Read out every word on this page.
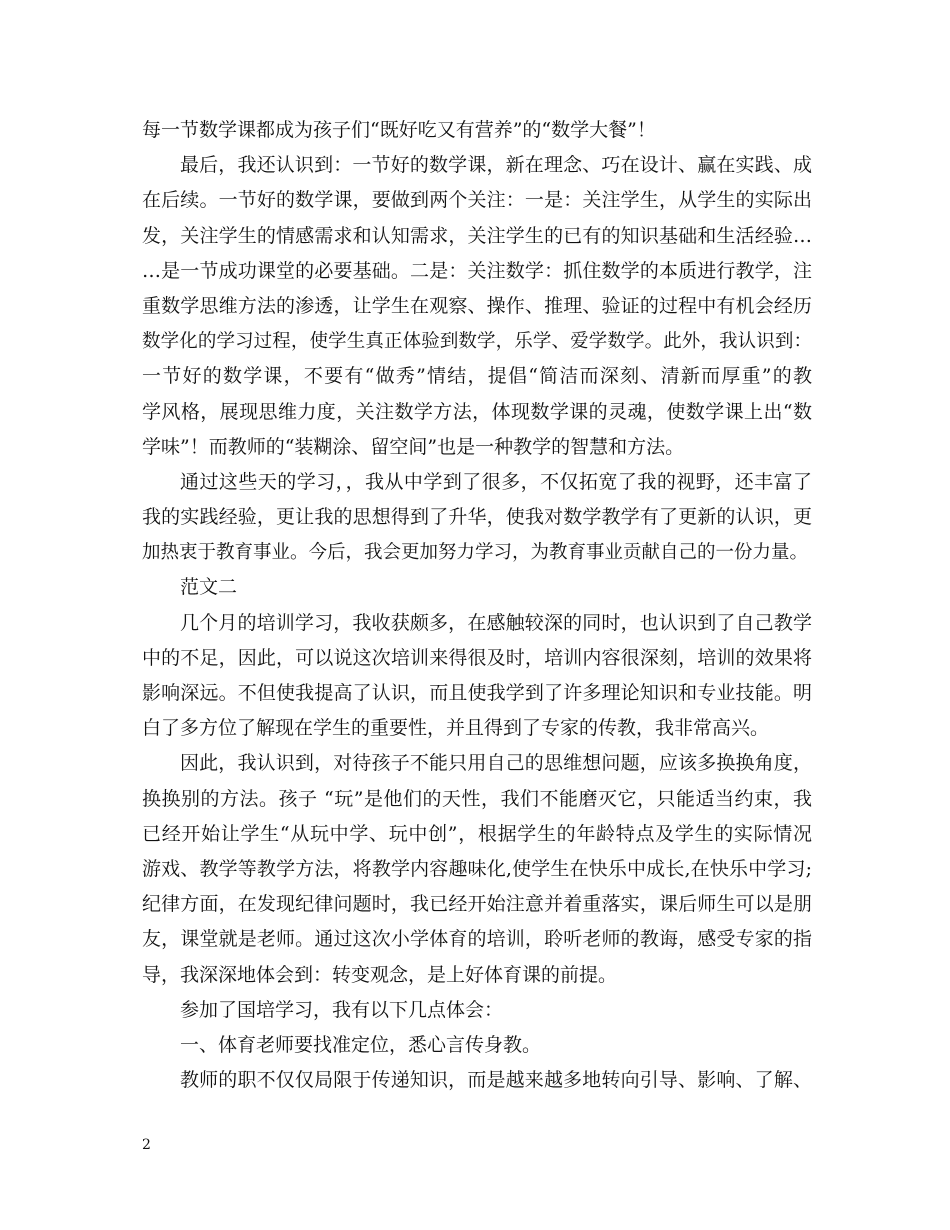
每一节数学课都成为孩子们“既好吃又有营养”的“数学大餐”！
最后，我还认识到：一节好的数学课，新在理念、巧在设计、赢在实践、成
在后续。一节好的数学课，要做到两个关注：一是：关注学生，从学生的实际出
发，关注学生的情感需求和认知需求，关注学生的已有的知识基础和生活经验…
…是一节成功课堂的必要基础。二是：关注数学：抓住数学的本质进行教学，注
重数学思维方法的渗透，让学生在观察、操作、推理、验证的过程中有机会经历
数学化的学习过程，使学生真正体验到数学，乐学、爱学数学。此外，我认识到：
一节好的数学课，不要有“做秀”情结，提倡“简洁而深刻、清新而厚重”的教
学风格，展现思维力度，关注数学方法，体现数学课的灵魂，使数学课上出“数
学味”！而教师的“装糊涂、留空间”也是一种教学的智慧和方法。
通过这些天的学习，，我从中学到了很多，不仅拓宽了我的视野，还丰富了
我的实践经验，更让我的思想得到了升华，使我对数学教学有了更新的认识，更
加热衷于教育事业。今后，我会更加努力学习，为教育事业贡献自己的一份力量。
范文二
几个月的培训学习，我收获颇多，在感触较深的同时，也认识到了自己教学
中的不足，因此，可以说这次培训来得很及时，培训内容很深刻，培训的效果将
影响深远。不但使我提高了认识，而且使我学到了许多理论知识和专业技能。明
白了多方位了解现在学生的重要性，并且得到了专家的传教，我非常高兴。
因此，我认识到，对待孩子不能只用自己的思维想问题，应该多换换角度，
换换别的方法。孩子 “玩”是他们的天性，我们不能磨灭它，只能适当约束，我
已经开始让学生“从玩中学、玩中创”，根据学生的年龄特点及学生的实际情况
游戏、教学等教学方法，将教学内容趣味化,使学生在快乐中成长,在快乐中学习;
纪律方面，在发现纪律问题时，我已经开始注意并着重落实，课后师生可以是朋
友，课堂就是老师。通过这次小学体育的培训，聆听老师的教诲，感受专家的指
导，我深深地体会到：转变观念，是上好体育课的前提。
参加了国培学习，我有以下几点体会：
一、体育老师要找准定位，悉心言传身教。
教师的职不仅仅局限于传递知识，而是越来越多地转向引导、影响、了解、
2
